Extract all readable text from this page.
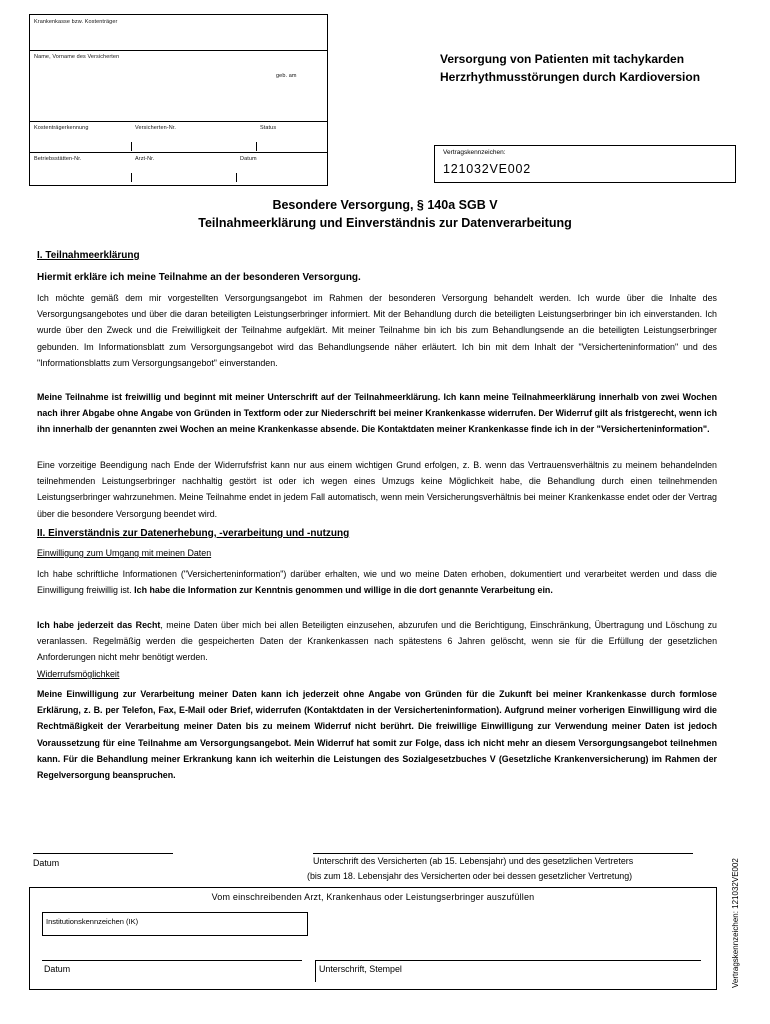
Krankenkasse bzw. Kostenträger
Name, Vorname des Versicherten
geb. am
Kostenträgerkennung	Versicherten-Nr.	Status
Betriebsstätten-Nr.	Arzt-Nr.	Datum
Versorgung von Patienten mit tachykarden
Herzrhythmusstörungen durch Kardioversion
Vertragskennzeichen:
121032VE002
Besondere Versorgung, § 140a SGB V
Teilnahmeerklärung und Einverständnis zur Datenverarbeitung
I. Teilnahmeerklärung
Hiermit erkläre ich meine Teilnahme an der besonderen Versorgung.
Ich möchte gemäß dem mir vorgestellten Versorgungsangebot im Rahmen der besonderen Versorgung behandelt werden. Ich wurde über die Inhalte des Versorgungsangebotes und über die daran beteiligten Leistungserbringer informiert. Mit der Behandlung durch die beteiligten Leistungserbringer bin ich einverstanden. Ich wurde über den Zweck und die Freiwilligkeit der Teilnahme aufgeklärt. Mit meiner Teilnahme bin ich bis zum Behandlungsende an die beteiligten Leistungserbringer gebunden. Im Informationsblatt zum Versorgungsangebot wird das Behandlungsende näher erläutert. Ich bin mit dem Inhalt der "Versicherteninformation" und des "Informationsblatts zum Versorgungsangebot" einverstanden.
Meine Teilnahme ist freiwillig und beginnt mit meiner Unterschrift auf der Teilnahmeerklärung. Ich kann meine Teilnahmeerklärung innerhalb von zwei Wochen nach ihrer Abgabe ohne Angabe von Gründen in Textform oder zur Niederschrift bei meiner Krankenkasse widerrufen. Der Widerruf gilt als fristgerecht, wenn ich ihn innerhalb der genannten zwei Wochen an meine Krankenkasse absende. Die Kontaktdaten meiner Krankenkasse finde ich in der "Versicherteninformation".
Eine vorzeitige Beendigung nach Ende der Widerrufsfrist kann nur aus einem wichtigen Grund erfolgen, z. B. wenn das Vertrauensverhältnis zu meinem behandelnden teilnehmenden Leistungserbringer nachhaltig gestört ist oder ich wegen eines Umzugs keine Möglichkeit habe, die Behandlung durch einen teilnehmenden Leistungserbringer wahrzunehmen. Meine Teilnahme endet in jedem Fall automatisch, wenn mein Versicherungsverhältnis bei meiner Krankenkasse endet oder der Vertrag über die besondere Versorgung beendet wird.
II. Einverständnis zur Datenerhebung, -verarbeitung und -nutzung
Einwilligung zum Umgang mit meinen Daten
Ich habe schriftliche Informationen ("Versicherteninformation") darüber erhalten, wie und wo meine Daten erhoben, dokumentiert und verarbeitet werden und dass die Einwilligung freiwillig ist. Ich habe die Information zur Kenntnis genommen und willige in die dort genannte Verarbeitung ein.
Ich habe jederzeit das Recht, meine Daten über mich bei allen Beteiligten einzusehen, abzurufen und die Berichtigung, Einschränkung, Übertragung und Löschung zu veranlassen. Regelmäßig werden die gespeicherten Daten der Krankenkassen nach spätestens 6 Jahren gelöscht, wenn sie für die Erfüllung der gesetzlichen Anforderungen nicht mehr benötigt werden.
Widerrufsmöglichkeit
Meine Einwilligung zur Verarbeitung meiner Daten kann ich jederzeit ohne Angabe von Gründen für die Zukunft bei meiner Krankenkasse durch formlose Erklärung, z. B. per Telefon, Fax, E-Mail oder Brief, widerrufen (Kontaktdaten in der Versicherteninformation). Aufgrund meiner vorherigen Einwilligung wird die Rechtmäßigkeit der Verarbeitung meiner Daten bis zu meinem Widerruf nicht berührt. Die freiwillige Einwilligung zur Verwendung meiner Daten ist jedoch Voraussetzung für eine Teilnahme am Versorgungsangebot. Mein Widerruf hat somit zur Folge, dass ich nicht mehr an diesem Versorgungsangebot teilnehmen kann. Für die Behandlung meiner Erkrankung kann ich weiterhin die Leistungen des Sozialgesetzbuches V (Gesetzliche Krankenversicherung) im Rahmen der Regelversorgung beanspruchen.
Datum	Unterschrift des Versicherten (ab 15. Lebensjahr) und des gesetzlichen Vertreters
(bis zum 18. Lebensjahr des Versicherten oder bei dessen gesetzlicher Vertretung)
Vom einschreibenden Arzt, Krankenhaus oder Leistungserbringer auszufüllen
Institutionskennzeichen (IK)
Datum	Unterschrift, Stempel	Vertragskennzeichen: 121032VE002
